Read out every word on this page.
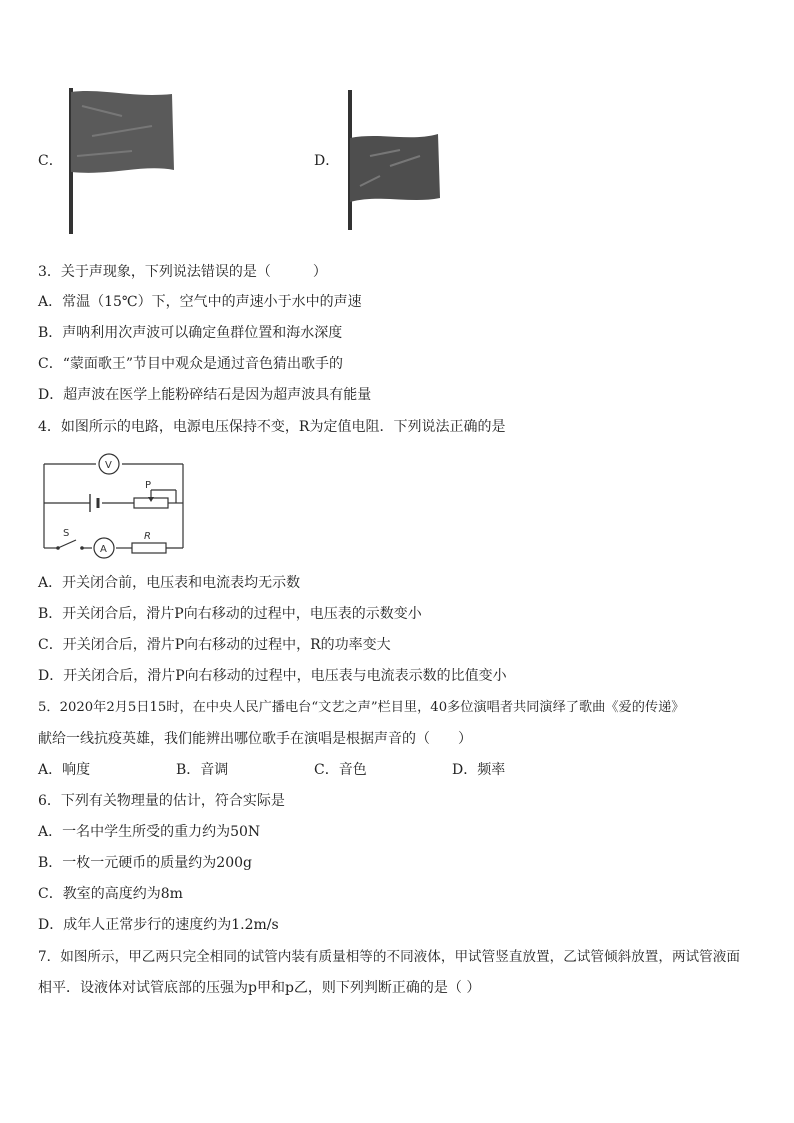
C．	D．
3．关于声现象，下列说法错误的是（　　　）
A．常温（15℃）下，空气中的声速小于水中的声速
B．声呐利用次声波可以确定鱼群位置和海水深度
C．“蒙面歌王”节目中观众是通过音色猜出歌手的
D．超声波在医学上能粉碎结石是因为超声波具有能量
4．如图所示的电路，电源电压保持不变，R为定值电阻．下列说法正确的是
P
V
S
A
R
A．开关闭合前，电压表和电流表均无示数
B．开关闭合后，滑片P向右移动的过程中，电压表的示数变小
C．开关闭合后，滑片P向右移动的过程中，R的功率变大
D．开关闭合后，滑片P向右移动的过程中，电压表与电流表示数的比值变小
5．2020年2月5日15时，在中央人民广播电台“文艺之声”栏目里，40多位演唱者共同演绎了歌曲《爱的传递》
献给一线抗疫英雄，我们能辨出哪位歌手在演唱是根据声音的（　　）
A．响度	B．音调	C．音色	D．频率
6．下列有关物理量的估计，符合实际是
A．一名中学生所受的重力约为50N
B．一枚一元硬币的质量约为200g
C．教室的高度约为8m
D．成年人正常步行的速度约为1.2m/s
7．如图所示，甲乙两只完全相同的试管内装有质量相等的不同液体，甲试管竖直放置，乙试管倾斜放置，两试管液面
相平．设液体对试管底部的压强为p甲和p乙，则下列判断正确的是（ ）
